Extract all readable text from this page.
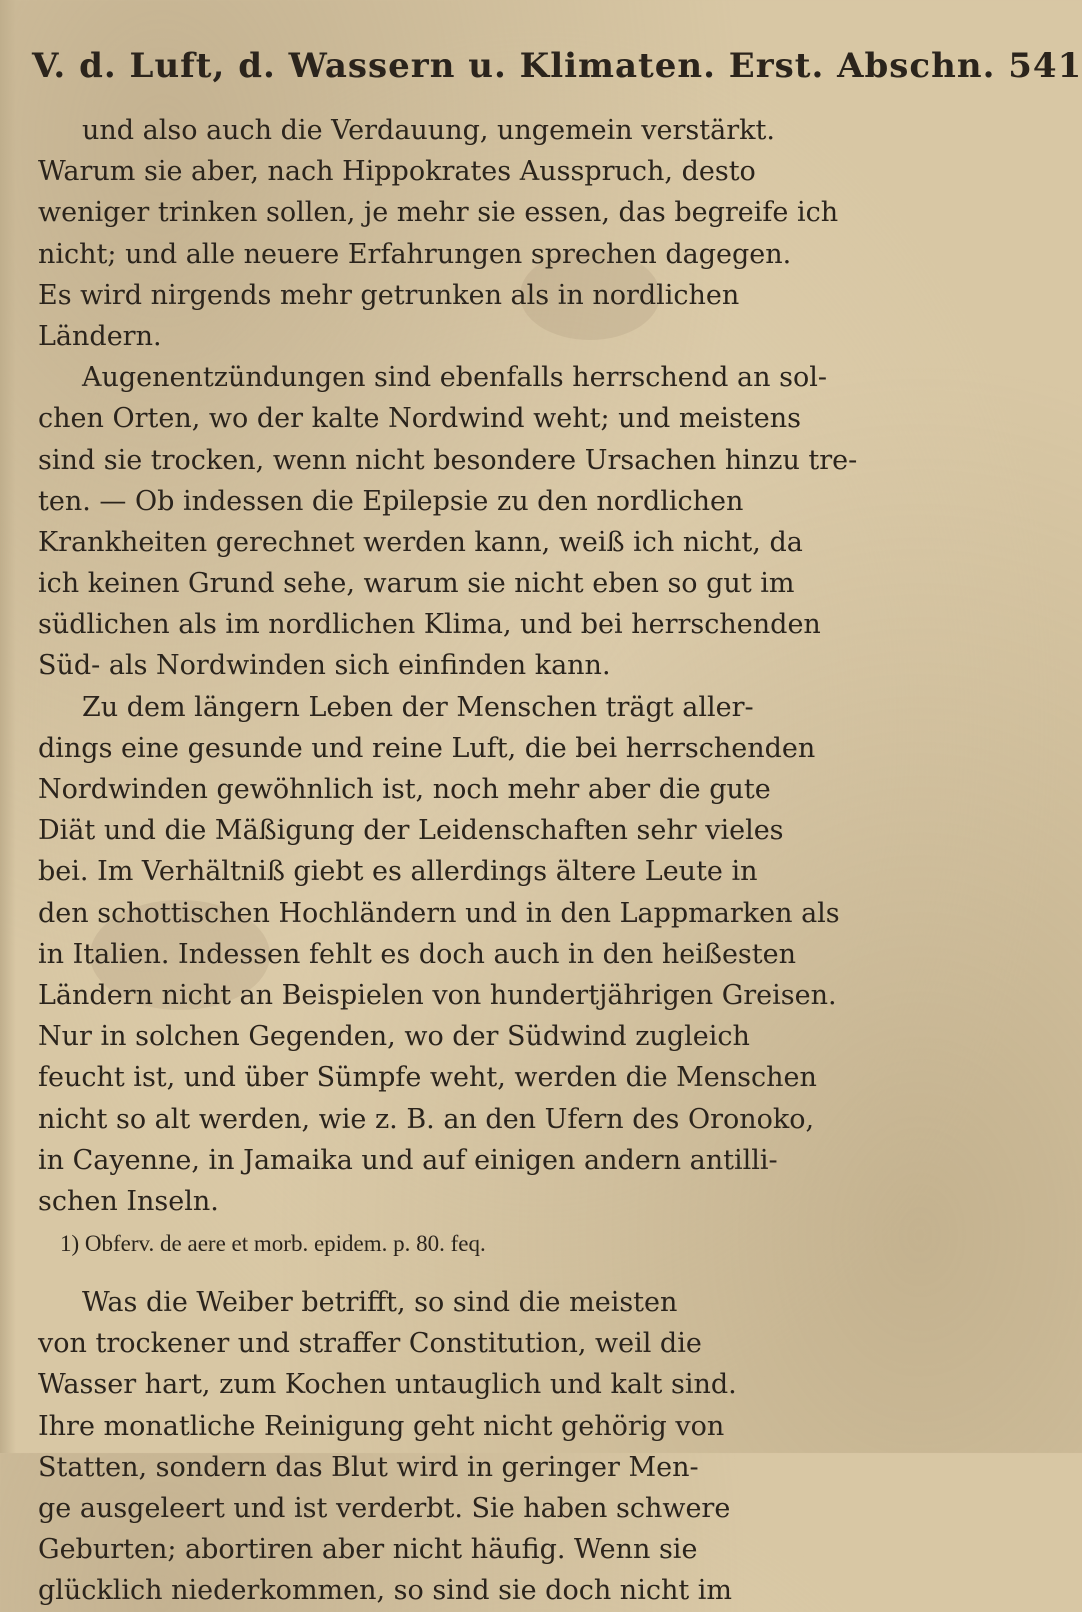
V. d. Luft, d. Wassern u. Klimaten. Erst. Abschn. 541
und also auch die Verdauung, ungemein verstärkt.
Warum sie aber, nach Hippokrates Ausspruch, desto
weniger trinken sollen, je mehr sie essen, das begreife ich
nicht; und alle neuere Erfahrungen sprechen dagegen.
Es wird nirgends mehr getrunken als in nordlichen
Ländern.
Augenentzündungen sind ebenfalls herrschend an sol-
chen Orten, wo der kalte Nordwind weht; und meistens
sind sie trocken, wenn nicht besondere Ursachen hinzu tre-
ten. — Ob indessen die Epilepsie zu den nordlichen
Krankheiten gerechnet werden kann, weiß ich nicht, da
ich keinen Grund sehe, warum sie nicht eben so gut im
südlichen als im nordlichen Klima, und bei herrschenden
Süd- als Nordwinden sich einfinden kann.
Zu dem längern Leben der Menschen trägt aller-
dings eine gesunde und reine Luft, die bei herrschenden
Nordwinden gewöhnlich ist, noch mehr aber die gute
Diät und die Mäßigung der Leidenschaften sehr vieles
bei. Im Verhältniß giebt es allerdings ältere Leute in
den schottischen Hochländern und in den Lappmarken als
in Italien. Indessen fehlt es doch auch in den heißesten
Ländern nicht an Beispielen von hundertjährigen Greisen.
Nur in solchen Gegenden, wo der Südwind zugleich
feucht ist, und über Sümpfe weht, werden die Menschen
nicht so alt werden, wie z. B. an den Ufern des Oronoko,
in Cayenne, in Jamaika und auf einigen andern antilli-
schen Inseln.
1) Obferv. de aere et morb. epidem. p. 80. feq.
Was die Weiber betrifft, so sind die meisten
von trockener und straffer Constitution, weil die
Wasser hart, zum Kochen untauglich und kalt sind.
Ihre monatliche Reinigung geht nicht gehörig von
Statten, sondern das Blut wird in geringer Men-
ge ausgeleert und ist verderbt. Sie haben schwere
Geburten; abortiren aber nicht häufig. Wenn sie
glücklich niederkommen, so sind sie doch nicht im
